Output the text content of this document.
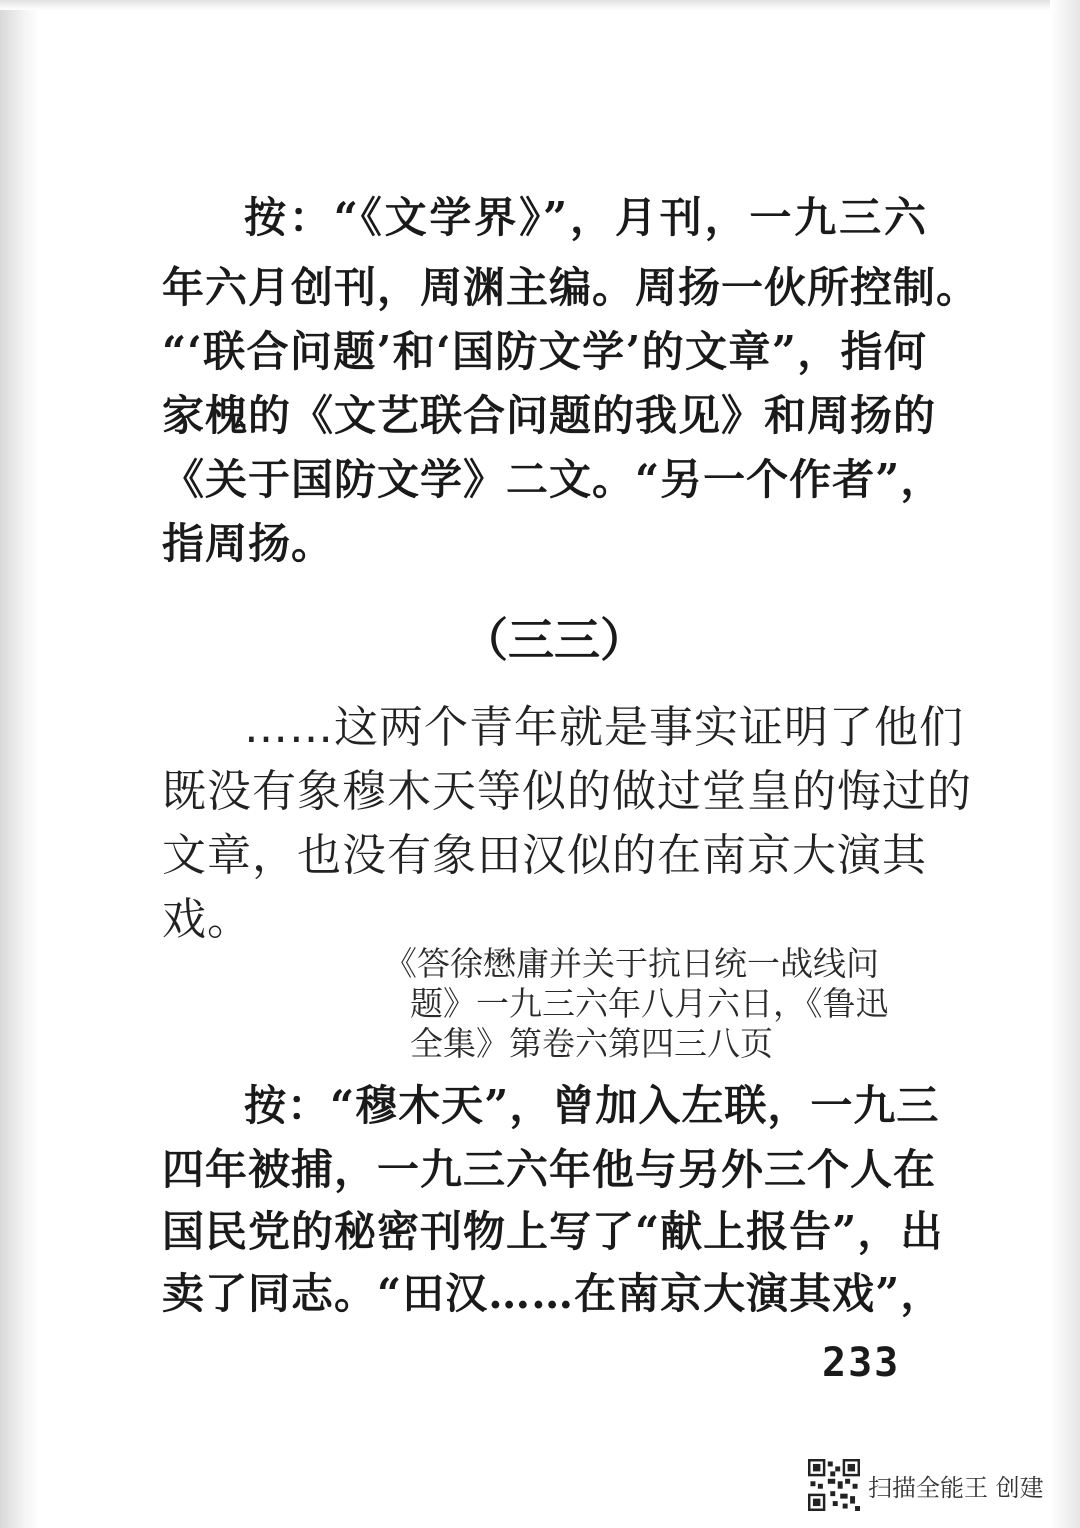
按：“《文学界》”，月刊，一九三六
年六月创刊，周渊主编。周扬一伙所控制。
“‘联合问题’和‘国防文学’的文章”，指何
家槐的《文艺联合问题的我见》和周扬的
《关于国防文学》二文。“另一个作者”，
指周扬。
（三三）
……这两个青年就是事实证明了他们
既没有象穆木天等似的做过堂皇的悔过的
文章，也没有象田汉似的在南京大演其
戏。
《答徐懋庸并关于抗日统一战线问
题》一九三六年八月六日，《鲁迅
全集》第卷六第四三八页
按：“穆木天”，曾加入左联，一九三
四年被捕，一九三六年他与另外三个人在
国民党的秘密刊物上写了“献上报告”，出
卖了同志。“田汉……在南京大演其戏”，
233
扫描全能王 创建
